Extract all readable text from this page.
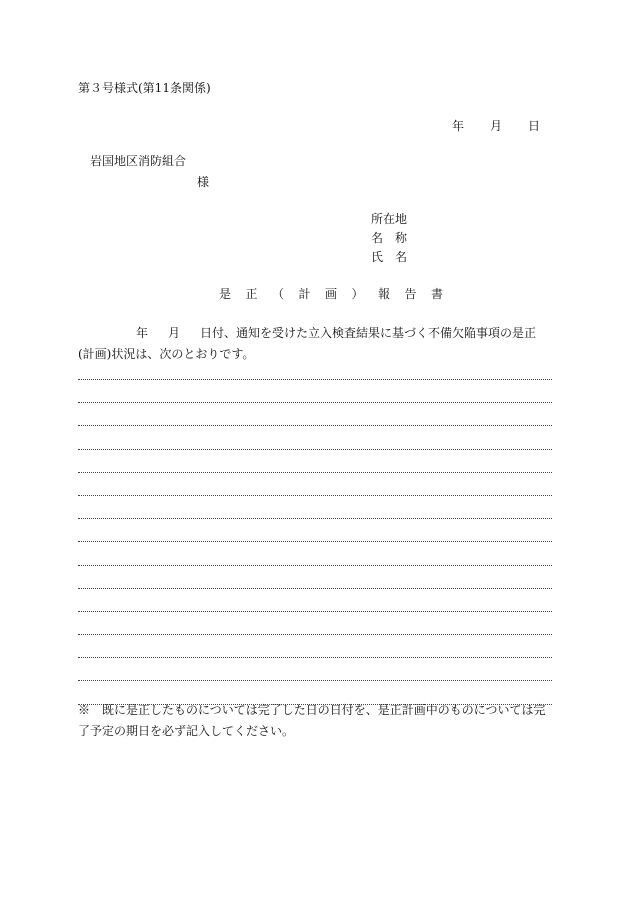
第３号様式(第11条関係)
年 月 日
岩国地区消防組合
様
所在地
名　称
氏　名
是正（計画）報告書
年 月 日付、通知を受けた立入検査結果に基づく不備欠陥事項の是正(計画)状況は、次のとおりです。
※　既に是正したものについては完了した日の日付を、是正計画中のものについては完了予定の期日を必ず記入してください。
